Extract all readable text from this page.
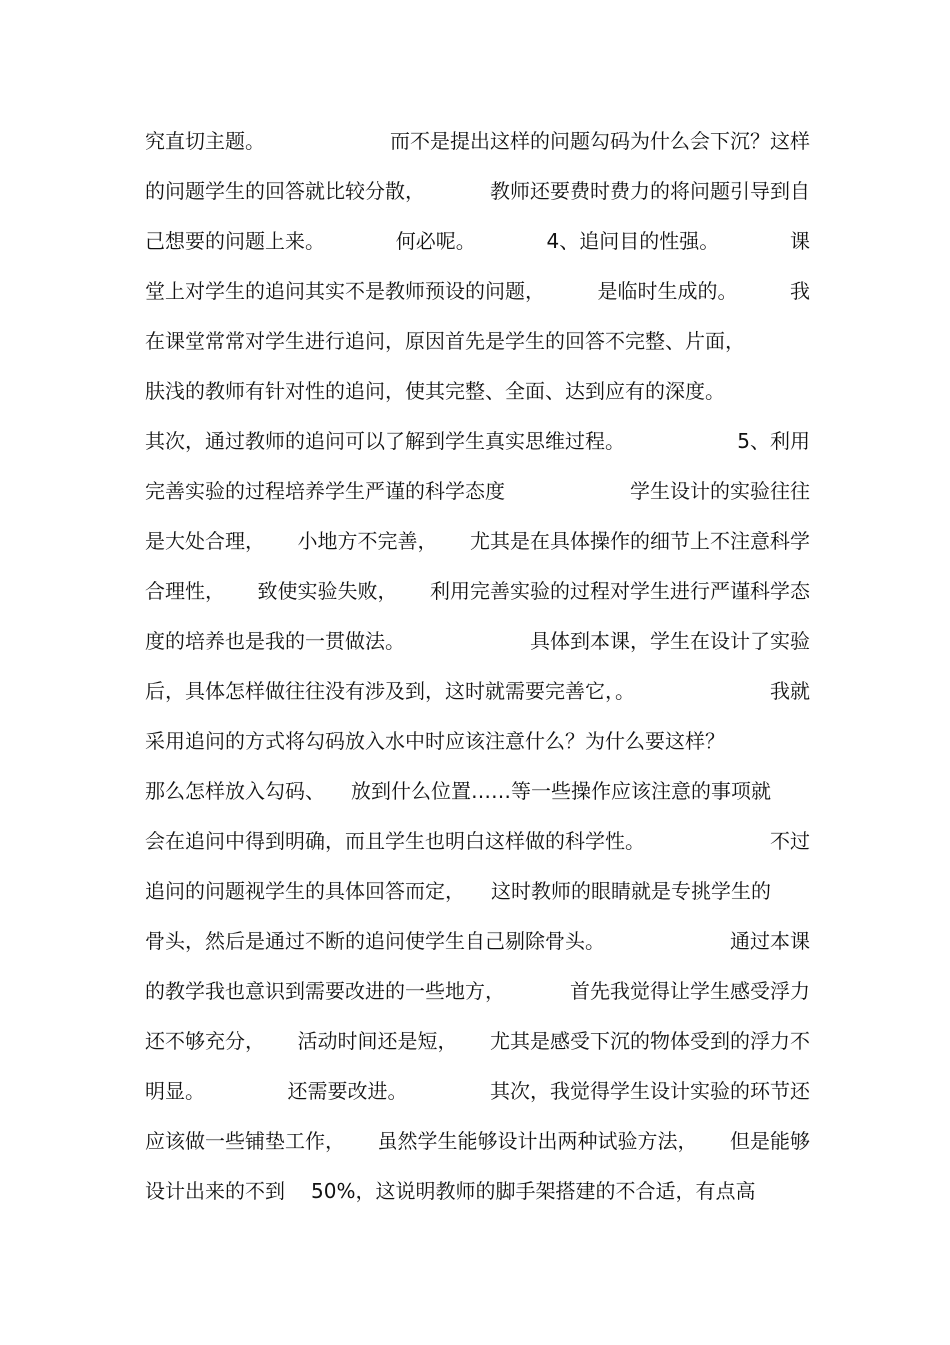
究直切主题。	而不是提出这样的问题勾码为什么会下沉？这样
的问题学生的回答就比较分散，	教师还要费时费力的将问题引导到自
己想要的问题上来。	何必呢。	4、追问目的性强。	课
堂上对学生的追问其实不是教师预设的问题，	是临时生成的。	我
在课堂常常对学生进行追问，原因首先是学生的回答不完整、片面，
肤浅的教师有针对性的追问，使其完整、全面、达到应有的深度。
其次，通过教师的追问可以了解到学生真实思维过程。	5、利用
完善实验的过程培养学生严谨的科学态度	学生设计的实验往往
是大处合理， 小地方不完善， 尤其是在具体操作的细节上不注意科学
合理性， 致使实验失败， 利用完善实验的过程对学生进行严谨科学态
度的培养也是我的一贯做法。	具体到本课，学生在设计了实验
后，具体怎样做往往没有涉及到，这时就需要完善它，。	我就
采用追问的方式将勾码放入水中时应该注意什么？为什么要这样？
那么怎样放入勾码、 放到什么位置……等一些操作应该注意的事项就
会在追问中得到明确，而且学生也明白这样做的科学性。	不过
追问的问题视学生的具体回答而定， 这时教师的眼睛就是专挑学生的
骨头，然后是通过不断的追问使学生自己剔除骨头。	通过本课
的教学我也意识到需要改进的一些地方，	首先我觉得让学生感受浮力
还不够充分， 活动时间还是短， 尤其是感受下沉的物体受到的浮力不
明显。	还需要改进。	其次，我觉得学生设计实验的环节还
应该做一些铺垫工作， 虽然学生能够设计出两种试验方法， 但是能够
设计出来的不到 50%，这说明教师的脚手架搭建的不合适，有点高
